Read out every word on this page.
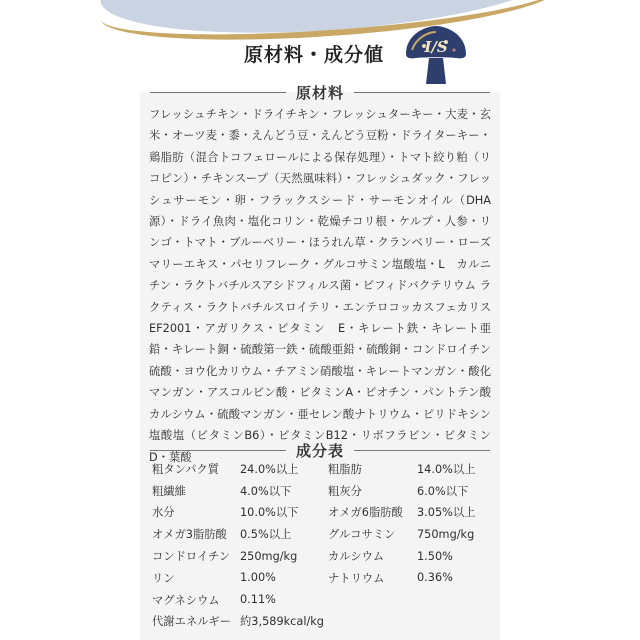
原材料・成分値	I/S
原材料

フレッシュチキン・ドライチキン・フレッシュターキー・大麦・玄米・オーツ麦・黍・えんどう豆・えんどう豆粉・ドライターキー・鶏脂肪（混合トコフェロールによる保存処理）・トマト絞り粕（リコピン）・チキンスープ（天然風味料）・フレッシュダック・フレッシュサーモン・卵・フラックスシード・サーモンオイル（DHA 源）・ドライ魚肉・塩化コリン・乾燥チコリ根・ケルプ・人参・リンゴ・トマト・ブルーベリー・ほうれん草・クランベリー・ローズマリーエキス・パセリフレーク・グルコサミン塩酸塩・L　カルニチン・ラクトバチルスアシドフィルス菌・ビフィドバクテリウム ラクティス・ラクトバチルスロイテリ・エンテロコッカスフェカリス　EF2001・アガリクス・ビタミン　E・キレート鉄・キレート亜鉛・キレート銅・硫酸第一鉄・硫酸亜鉛・硫酸銅・コンドロイチン硫酸・ヨウ化カリウム・チアミン硝酸塩・キレートマンガン・酸化マンガン・アスコルビン酸・ビタミンA・ビオチン・パントテン酸カルシウム・硫酸マンガン・亜セレン酸ナトリウム・ピリドキシン塩酸塩（ビタミンB6）・ビタミンB12・リボフラビン・ビタミンD・葉酸	成分表
粗タンパク質	24.0%以上	粗脂肪	14.0%以上
粗繊維	4.0%以下	粗灰分	6.0%以下
水分	10.0%以下	オメガ6脂肪酸	3.05%以上
オメガ3脂肪酸	0.5%以上	グルコサミン	750mg/kg
コンドロイチン 250mg/kg	カルシウム	1.50%
リン	1.00%	ナトリウム	0.36%
マグネシウム	0.11%
代謝エネルギー 約3,589kcal/kg
